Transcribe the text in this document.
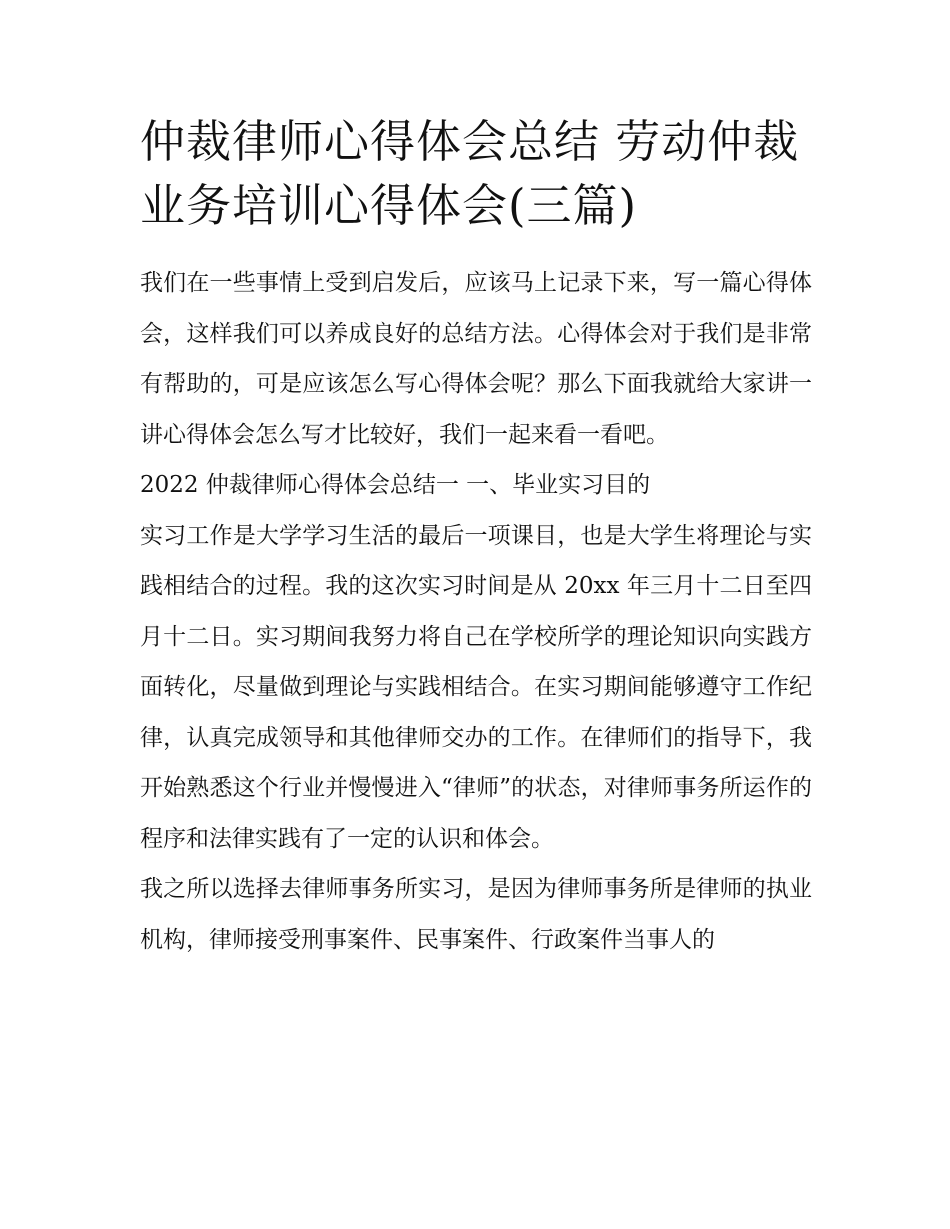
仲裁律师心得体会总结 劳动仲裁业务培训心得体会(三篇)

我们在一些事情上受到启发后，应该马上记录下来，写一篇心得体会，这样我们可以养成良好的总结方法。心得体会对于我们是非常有帮助的，可是应该怎么写心得体会呢？那么下面我就给大家讲一讲心得体会怎么写才比较好，我们一起来看一看吧。

2022 仲裁律师心得体会总结一 一、毕业实习目的

实习工作是大学学习生活的最后一项课目，也是大学生将理论与实践相结合的过程。我的这次实习时间是从 20xx 年三月十二日至四月十二日。实习期间我努力将自己在学校所学的理论知识向实践方面转化，尽量做到理论与实践相结合。在实习期间能够遵守工作纪律，认真完成领导和其他律师交办的工作。在律师们的指导下，我开始熟悉这个行业并慢慢进入“律师”的状态，对律师事务所运作的程序和法律实践有了一定的认识和体会。

我之所以选择去律师事务所实习，是因为律师事务所是律师的执业机构，律师接受刑事案件、民事案件、行政案件当事人的
